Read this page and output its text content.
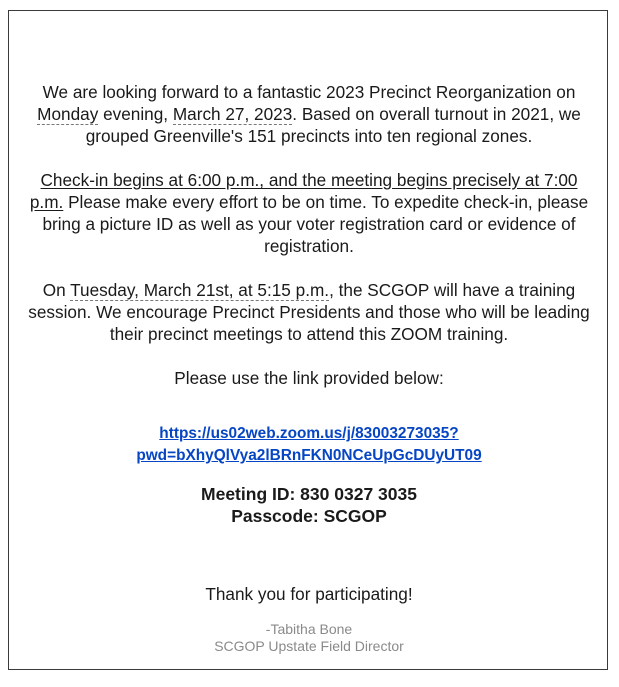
We are looking forward to a fantastic 2023 Precinct Reorganization on Monday evening, March 27, 2023. Based on overall turnout in 2021, we grouped Greenville's 151 precincts into ten regional zones.

Check-in begins at 6:00 p.m., and the meeting begins precisely at 7:00 p.m. Please make every effort to be on time. To expedite check-in, please bring a picture ID as well as your voter registration card or evidence of registration.

On Tuesday, March 21st, at 5:15 p.m., the SCGOP will have a training session. We encourage Precinct Presidents and those who will be leading their precinct meetings to attend this ZOOM training.

Please use the link provided below:
https://us02web.zoom.us/j/83003273035?
pwd=bXhyQlVya2lBRnFKN0NCeUpGcDUyUT09
Meeting ID: 830 0327 3035
Passcode: SCGOP
Thank you for participating!
-Tabitha Bone
SCGOP Upstate Field Director
